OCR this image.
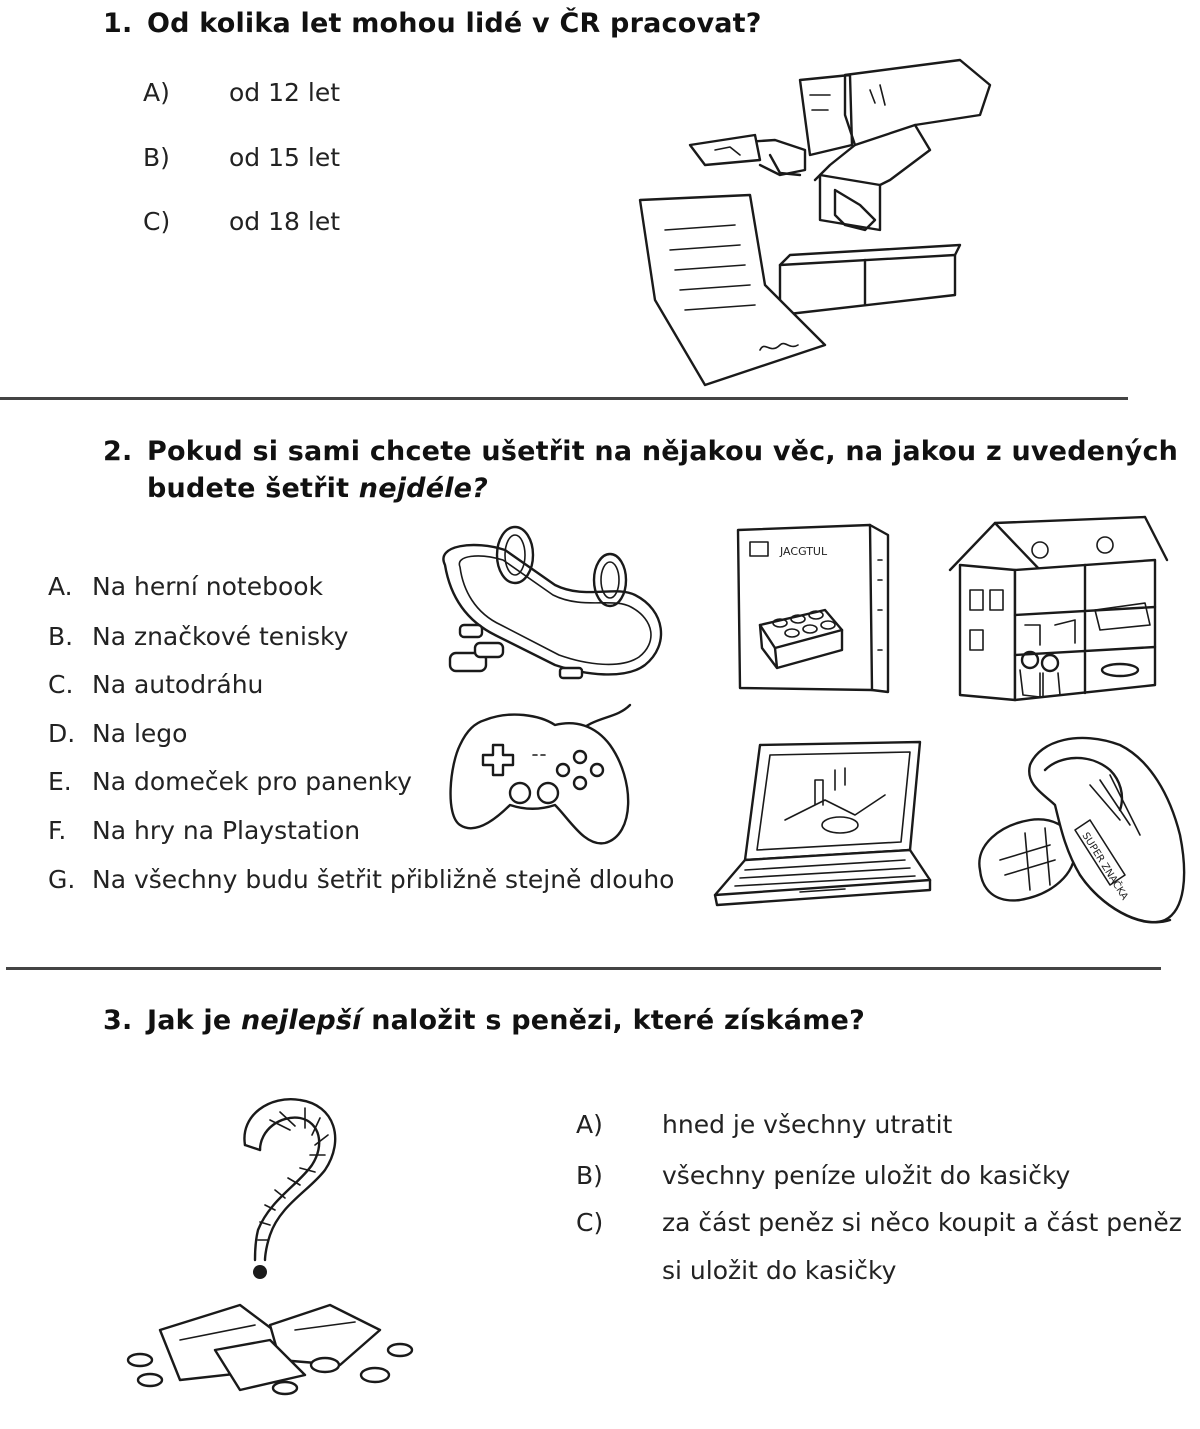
1. Od kolika let mohou lidé v ČR pracovat?
A) od 12 let
B) od 15 let
C) od 18 let
2. Pokud si sami chcete ušetřit na nějakou věc, na jakou z uvedených
budete šetřit nejdéle?
A. Na herní notebook
B. Na značkové tenisky
C. Na autodráhu
D. Na lego
E. Na domeček pro panenky
F. Na hry na Playstation
G. Na všechny budu šetřit přibližně stejně dlouho
JACGTUL
SUPER ZNAČKA
3. Jak je nejlepší naložit s penězi, které získáme?
A) hned je všechny utratit
B) všechny peníze uložit do kasičky
C) za část peněz si něco koupit a část peněz
si uložit do kasičky
